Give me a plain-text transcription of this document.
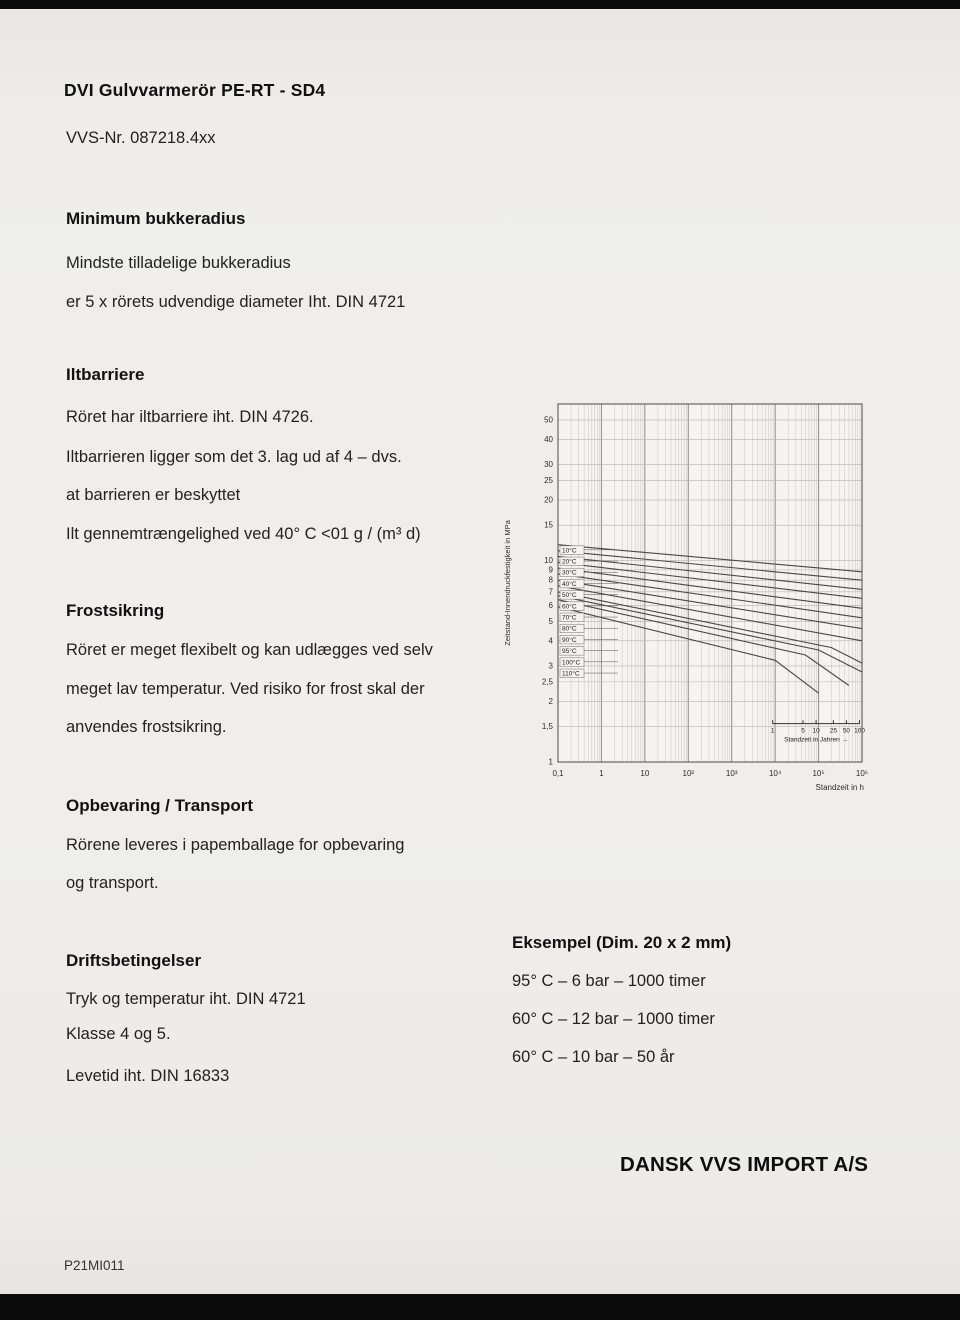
DVI Gulvvarmerör PE-RT - SD4
VVS-Nr. 087218.4xx
Minimum bukkeradius
Mindste tilladelige bukkeradius
er 5 x rörets udvendige diameter Iht. DIN 4721
Iltbarriere
Röret har iltbarriere iht. DIN 4726.
Iltbarrieren ligger som det 3. lag ud af 4 – dvs.
at barrieren er beskyttet
Ilt gennemtrængelighed ved 40° C <01 g / (m³ d)
Frostsikring
Röret er meget flexibelt og kan udlægges ved selv
meget lav temperatur. Ved risiko for frost skal der
anvendes frostsikring.
Opbevaring / Transport
Rörene leveres i papemballage for opbevaring
og transport.
Driftsbetingelser
Tryk og temperatur iht. DIN 4721
Klasse 4 og 5.
Levetid iht. DIN 16833
Eksempel (Dim. 20 x 2 mm)
95° C – 6 bar – 1000 timer
60° C – 12 bar – 1000 timer
60° C – 10 bar – 50 år
DANSK VVS IMPORT A/S
P21MI011
50
40
30
25
20
15
10
9
8
7
6
5
4
3
2,5
2
1,5
1
0,1	1	10	10²	10³	10⁴	10⁵	10⁶
Standzeit in h
Zeitstand-Innendruckfestigkeit in MPa	10°C
20°C
30°C
40°C
50°C
60°C
70°C
80°C
90°C
95°C
100°C
110°C
1	5 10 25 50 100
Standzeit in Jahren →
